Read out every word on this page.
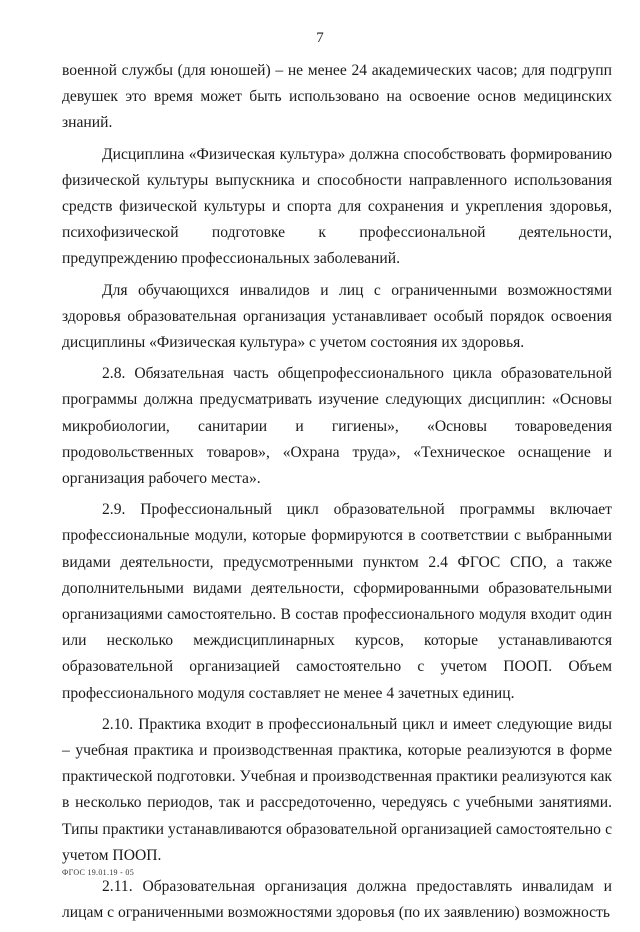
7

военной службы (для юношей) – не менее 24 академических часов; для подгрупп девушек это время может быть использовано на освоение основ медицинских знаний.

Дисциплина «Физическая культура» должна способствовать формированию физической культуры выпускника и способности направленного использования средств физической культуры и спорта для сохранения и укрепления здоровья, психофизической подготовке к профессиональной деятельности, предупреждению профессиональных заболеваний.

Для обучающихся инвалидов и лиц с ограниченными возможностями здоровья образовательная организация устанавливает особый порядок освоения дисциплины «Физическая культура» с учетом состояния их здоровья.

2.8. Обязательная часть общепрофессионального цикла образовательной программы должна предусматривать изучение следующих дисциплин: «Основы микробиологии, санитарии и гигиены», «Основы товароведения продовольственных товаров», «Охрана труда», «Техническое оснащение и организация рабочего места».

2.9. Профессиональный цикл образовательной программы включает профессиональные модули, которые формируются в соответствии с выбранными видами деятельности, предусмотренными пунктом 2.4 ФГОС СПО, а также дополнительными видами деятельности, сформированными образовательными организациями самостоятельно. В состав профессионального модуля входит один или несколько междисциплинарных курсов, которые устанавливаются образовательной организацией самостоятельно с учетом ПООП. Объем профессионального модуля составляет не менее 4 зачетных единиц.

2.10. Практика входит в профессиональный цикл и имеет следующие виды – учебная практика и производственная практика, которые реализуются в форме практической подготовки. Учебная и производственная практики реализуются как в несколько периодов, так и рассредоточенно, чередуясь с учебными занятиями. Типы практики устанавливаются образовательной организацией самостоятельно с учетом ПООП.

2.11. Образовательная организация должна предоставлять инвалидам и лицам с ограниченными возможностями здоровья (по их заявлению) возможность

ФГОС 19.01.19 - 05
